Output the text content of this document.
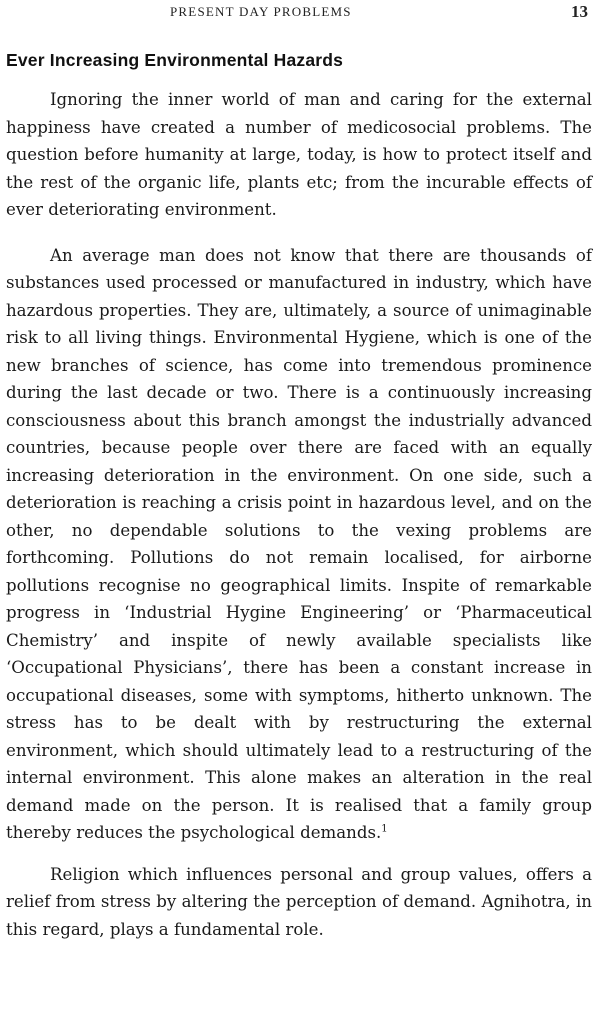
PRESENT DAY PROBLEMS	13
Ever Increasing Environmental Hazards

Ignoring the inner world of man and caring for the external happiness have created a number of medicosocial problems. The question before humanity at large, today, is how to protect itself and the rest of the organic life, plants etc; from the incurable effects of ever deteriorating environment.

An average man does not know that there are thousands of substances used processed or manufactured in industry, which have hazardous properties. They are, ultimately, a source of unimaginable risk to all living things. Environmental Hygiene, which is one of the new branches of science, has come into tremendous prominence during the last decade or two. There is a continuously increasing consciousness about this branch amongst the industrially advanced countries, because people over there are faced with an equally increasing deterioration in the environment. On one side, such a deterioration is reaching a crisis point in hazardous level, and on the other, no dependable solutions to the vexing problems are forthcoming. Pollutions do not remain localised, for airborne pollutions recognise no geographical limits. Inspite of remarkable progress in ‘Industrial Hygine Engineering’ or ‘Pharmaceutical Chemistry’ and inspite of newly available specialists like ‘Occupational Physicians’, there has been a constant increase in occupational diseases, some with symptoms, hitherto unknown. The stress has to be dealt with by restructuring the external environment, which should ultimately lead to a restructuring of the internal environment. This alone makes an alteration in the real demand made on the person. It is realised that a family group thereby reduces the psychological demands.$^1$

Religion which influences personal and group values, offers a relief from stress by altering the perception of demand. Agnihotra, in this regard, plays a fundamental role.
